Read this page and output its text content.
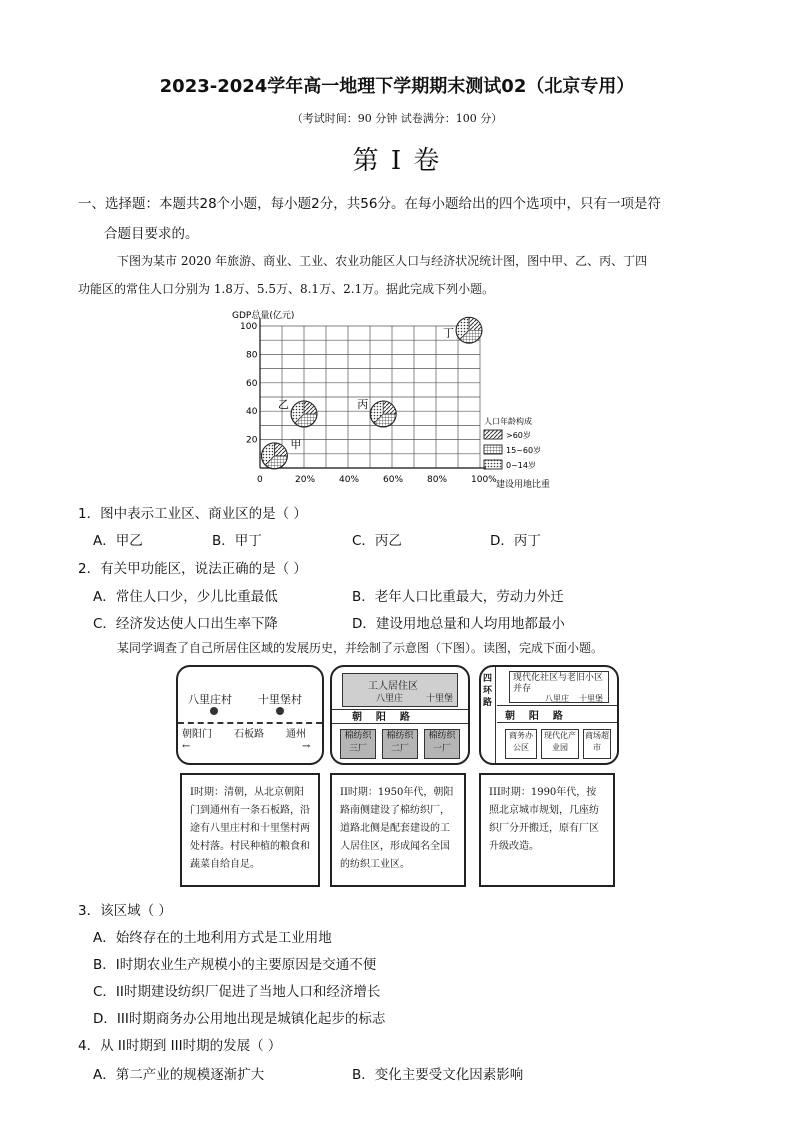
2023-2024学年高一地理下学期期末测试02（北京专用）
（考试时间：90 分钟 试卷满分：100 分）
第 I 卷
一、选择题：本题共28个小题，每小题2分，共56分。在每小题给出的四个选项中，只有一项是符
合题目要求的。
下图为某市 2020 年旅游、商业、工业、农业功能区人口与经济状况统计图，图中甲、乙、丙、丁四
功能区的常住人口分别为 1.8万、5.5万、8.1万、2.1万。据此完成下列小题。
GDP总量(亿元)
建设用地比重
0	20%	40%	60%	80%	100%
20
40
60
80
100
甲
乙	丙
丁
人口年龄构成
>60岁
15~60岁
0~14岁
1．图中表示工业区、商业区的是（ ）
A．甲乙	B．甲丁	C．丙乙	D．丙丁
2．有关甲功能区，说法正确的是（ ）
A．常住人口少，少儿比重最低	B．老年人口比重最大，劳动力外迁
C．经济发达使人口出生率下降	D．建设用地总量和人均用地都最小
某同学调查了自己所居住区域的发展历史，并绘制了示意图（下图）。读图，完成下面小题。
八里庄村 十里堡村
朝阳门 石板路 通州
←	→
工人居住区
八里庄	十里堡
朝    阳    路
棉纺织三厂
棉纺织二厂
棉纺织一厂
四环路
现代化社区与老旧小区并存
八里庄 十里堡
朝    阳    路
商务办公区
现代化产业园
商场超市
I时期：清朝，从北京朝阳门到通州有一条石板路，沿途有八里庄村和十里堡村两处村落。村民种植的粮食和蔬菜自给自足。
II时期：1950年代，朝阳路南侧建设了棉纺织厂，道路北侧是配套建设的工人居住区，形成闻名全国的纺织工业区。
III时期：1990年代，按照北京城市规划，几座纺织厂分开搬迁，原有厂区升级改造。
3．该区域（ ）
A．始终存在的土地利用方式是工业用地
B．I时期农业生产规模小的主要原因是交通不便
C．II时期建设纺织厂促进了当地人口和经济增长
D．III时期商务办公用地出现是城镇化起步的标志
4．从 II时期到 III时期的发展（ ）
A．第二产业的规模逐渐扩大	B．变化主要受文化因素影响
